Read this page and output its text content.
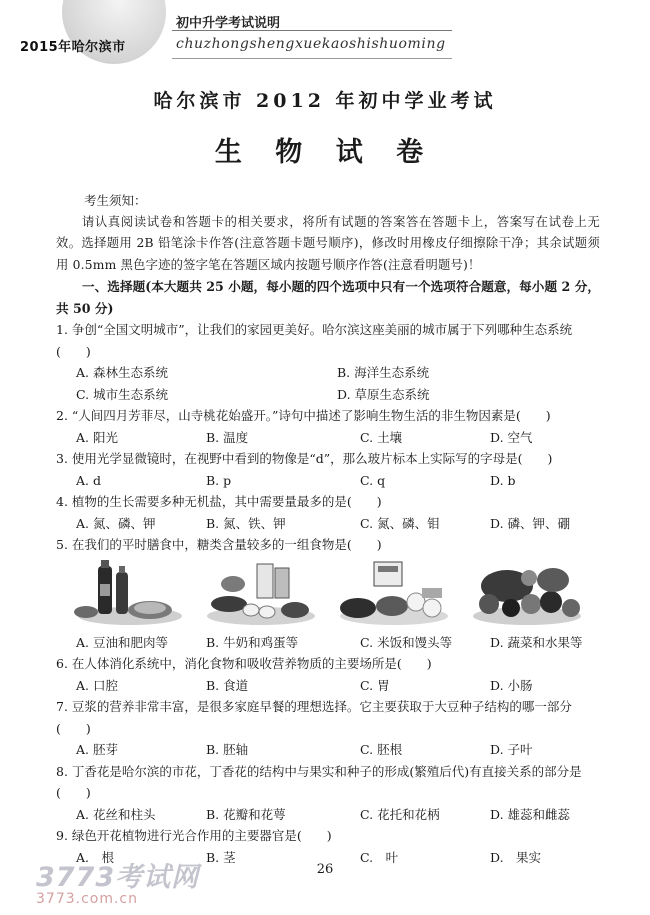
2015年哈尔滨市
初中升学考试说明
chuzhongshengxuekaoshishuoming
哈尔滨市 2012 年初中学业考试
生 物 试 卷
考生须知：
请认真阅读试卷和答题卡的相关要求，将所有试题的答案答在答题卡上，答案写在试卷上无效。选择题用 2B 铅笔涂卡作答(注意答题卡题号顺序)，修改时用橡皮仔细擦除干净；其余试题须用 0.5mm 黑色字迹的签字笔在答题区域内按题号顺序作答(注意看明题号)！
一、选择题(本大题共 25 小题，每小题的四个选项中只有一个选项符合题意，每小题 2 分，共 50 分)
1. 争创“全国文明城市”，让我们的家园更美好。哈尔滨这座美丽的城市属于下列哪种生态系统(　　)
A. 森林生态系统	B. 海洋生态系统
C. 城市生态系统	D. 草原生态系统
2. “人间四月芳菲尽，山寺桃花始盛开。”诗句中描述了影响生物生活的非生物因素是(　　)
A. 阳光	B. 温度	C. 土壤	D. 空气
3. 使用光学显微镜时，在视野中看到的物像是“d”，那么玻片标本上实际写的字母是(　　)
A. d	B. p	C. q	D. b
4. 植物的生长需要多种无机盐，其中需要量最多的是(　　)
A. 氮、磷、钾	B. 氮、铁、钾	C. 氮、磷、钼	D. 磷、钾、硼
5. 在我们的平时膳食中，糖类含量较多的一组食物是(　　)
A. 豆油和肥肉等	B. 牛奶和鸡蛋等	C. 米饭和馒头等	D. 蔬菜和水果等
6. 在人体消化系统中，消化食物和吸收营养物质的主要场所是(　　)
A. 口腔	B. 食道	C. 胃	D. 小肠
7. 豆浆的营养非常丰富，是很多家庭早餐的理想选择。它主要获取于大豆种子结构的哪一部分(　　)
A. 胚芽	B. 胚轴	C. 胚根	D. 子叶
8. 丁香花是哈尔滨的市花，丁香花的结构中与果实和种子的形成(繁殖后代)有直接关系的部分是(　　)
A. 花丝和柱头	B. 花瓣和花萼	C. 花托和花柄	D. 雄蕊和雌蕊
9. 绿色开花植物进行光合作用的主要器官是(　　)
A.　根	B. 茎	C.　叶	D.　果实
26
3773考试网
3773.com.cn
